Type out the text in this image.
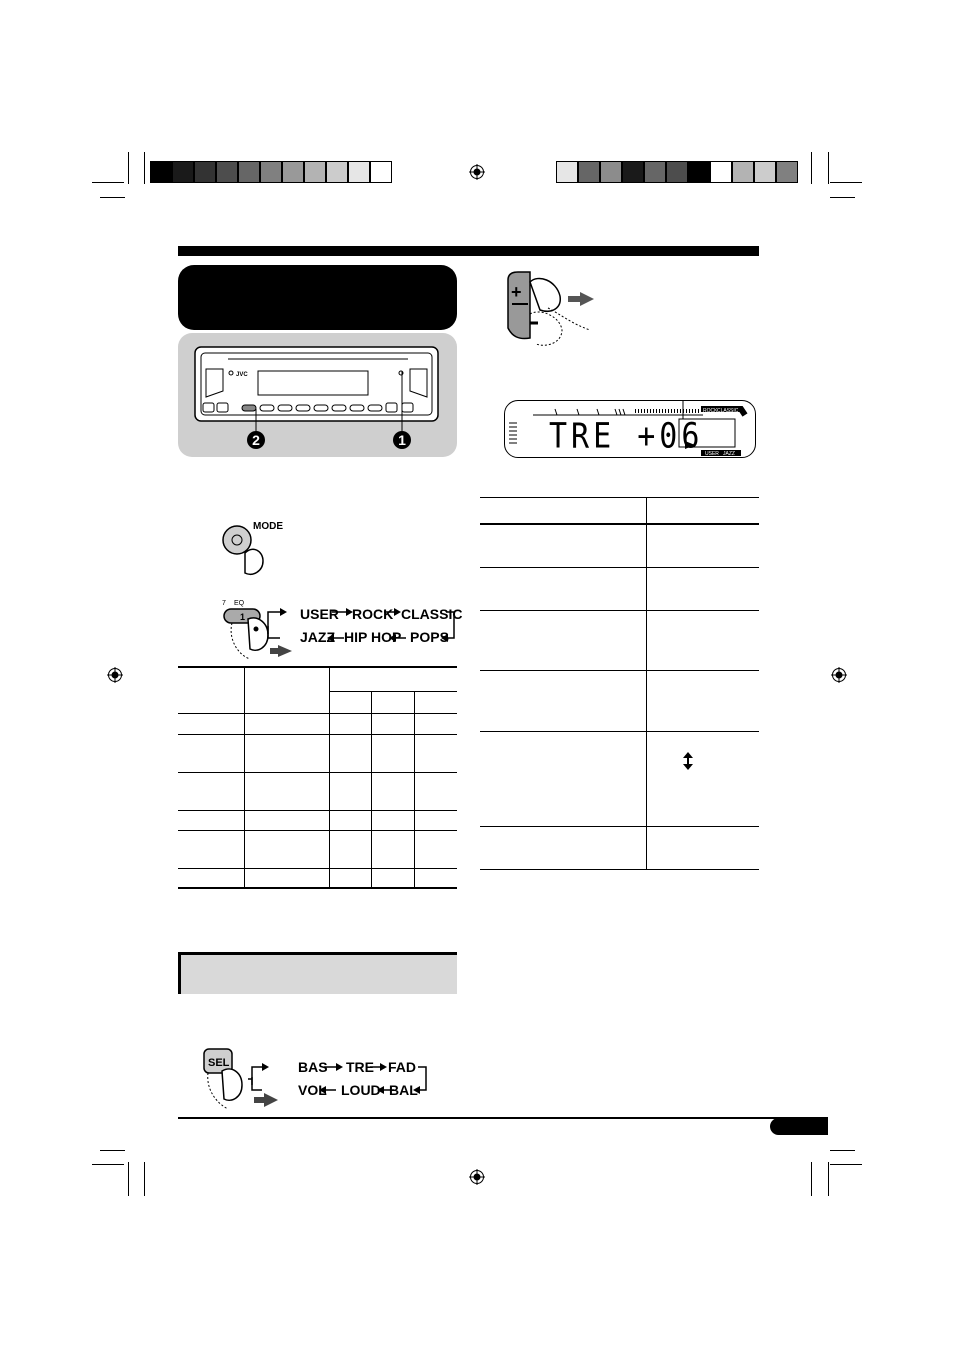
JVC
2	1
MODE
7 EQ
1	USER ROCK CLASSIC
JAZZ HIP HOP POPS
SEL	BAS TRE FAD
VOL LOUD BAL
+
ROCK CLASSIC
USER JAZZ
TRE +06
